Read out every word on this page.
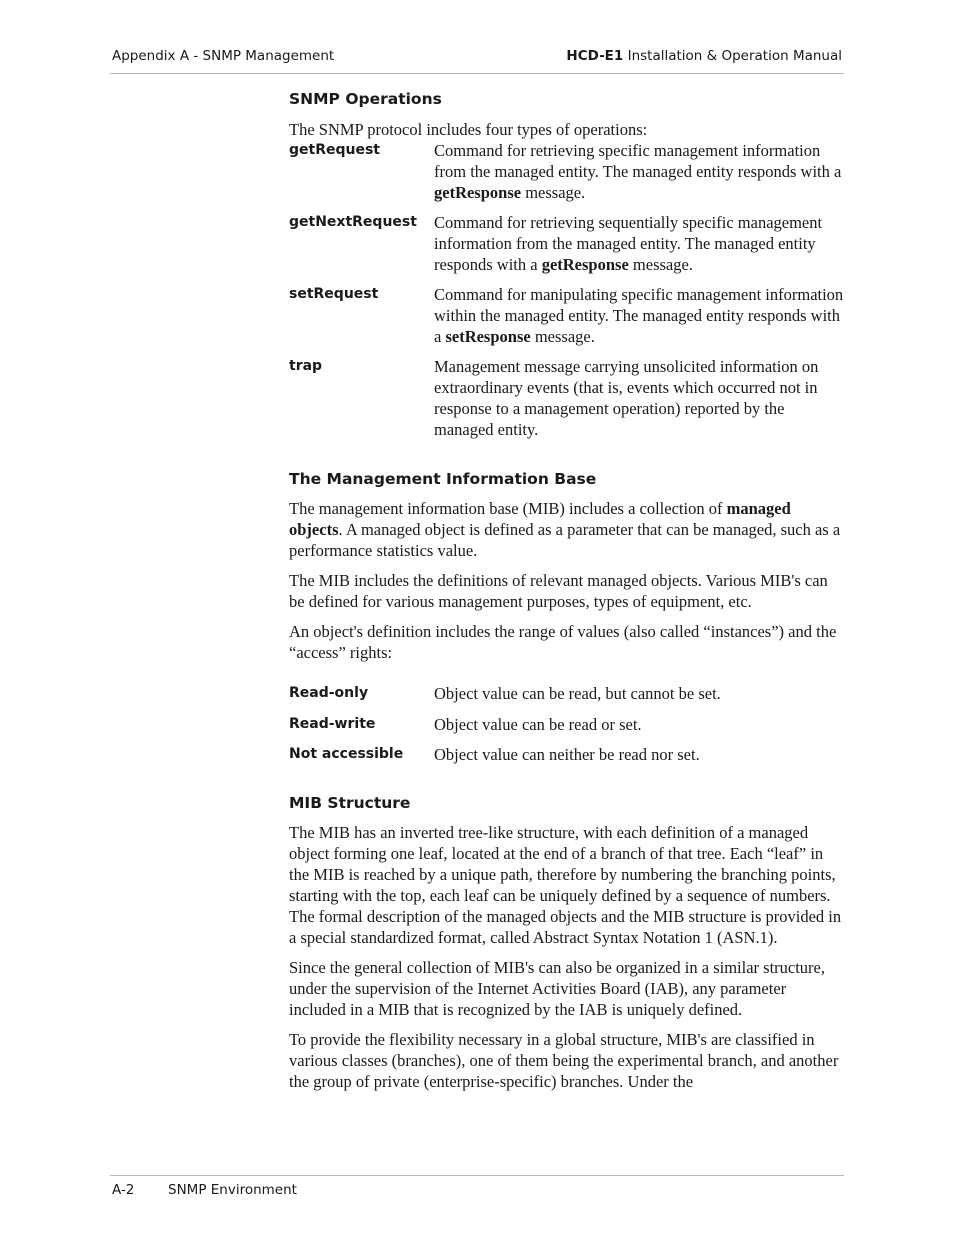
Appendix A - SNMP Management	HCD-E1 Installation & Operation Manual
SNMP Operations

The SNMP protocol includes four types of operations:

getRequest	Command for retrieving specific management information from the managed entity. The managed entity responds with a getResponse message.
getNextRequest	Command for retrieving sequentially specific management information from the managed entity. The managed entity responds with a getResponse message.
setRequest	Command for manipulating specific management information within the managed entity. The managed entity responds with a setResponse message.
trap	Management message carrying unsolicited information on extraordinary events (that is, events which occurred not in response to a management operation) reported by the managed entity.
The Management Information Base

The management information base (MIB) includes a collection of managed objects. A managed object is defined as a parameter that can be managed, such as a performance statistics value.

The MIB includes the definitions of relevant managed objects. Various MIB's can be defined for various management purposes, types of equipment, etc.

An object's definition includes the range of values (also called “instances”) and the “access” rights:

Read-only	Object value can be read, but cannot be set.
Read-write	Object value can be read or set.
Not accessible	Object value can neither be read nor set.
MIB Structure

The MIB has an inverted tree-like structure, with each definition of a managed object forming one leaf, located at the end of a branch of that tree. Each “leaf” in the MIB is reached by a unique path, therefore by numbering the branching points, starting with the top, each leaf can be uniquely defined by a sequence of numbers. The formal description of the managed objects and the MIB structure is provided in a special standardized format, called Abstract Syntax Notation 1 (ASN.1).

Since the general collection of MIB's can also be organized in a similar structure, under the supervision of the Internet Activities Board (IAB), any parameter included in a MIB that is recognized by the IAB is uniquely defined.

To provide the flexibility necessary in a global structure, MIB's are classified in various classes (branches), one of them being the experimental branch, and another the group of private (enterprise-specific) branches. Under the

A-2 SNMP Environment
